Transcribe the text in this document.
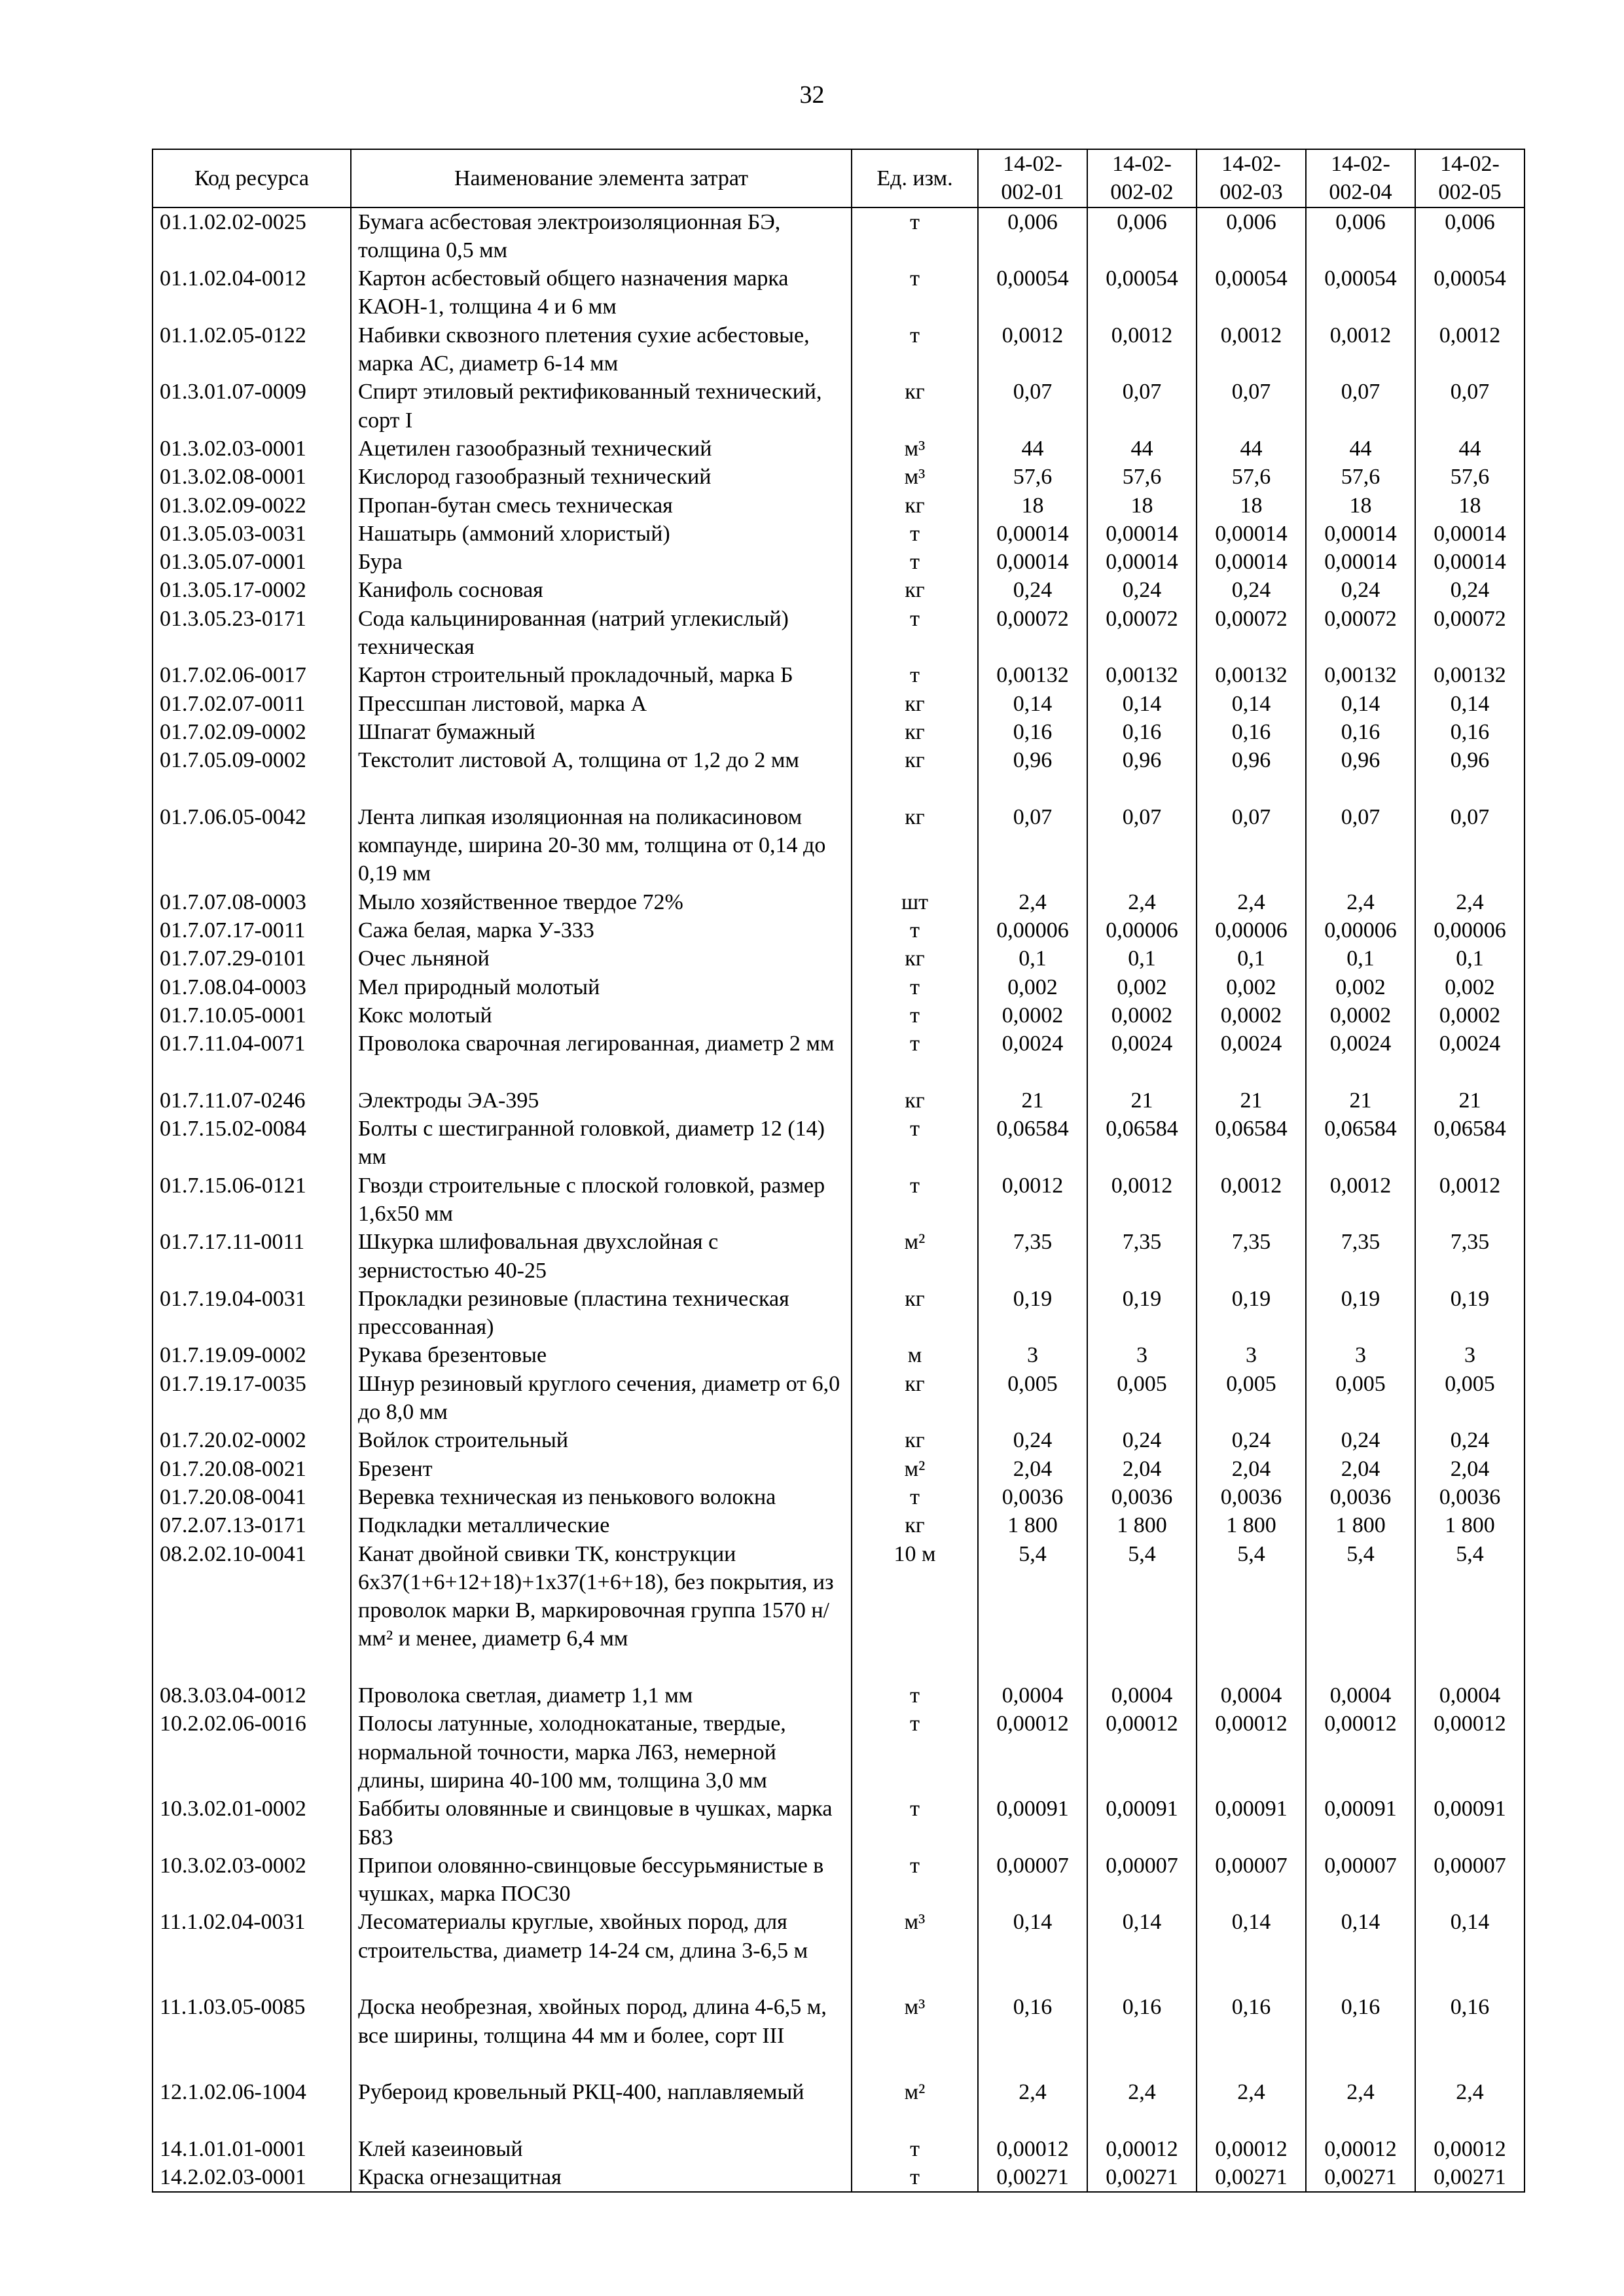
32
Код ресурса	Наименование элемента затрат	Ед. изм.	14-02-002-01	14-02-002-02	14-02-002-03	14-02-002-04	14-02-002-05
01.1.02.02-0025	Бумага асбестовая электроизоляционная БЭ, толщина 0,5 мм	т	0,006	0,006	0,006	0,006	0,006
01.1.02.04-0012	Картон асбестовый общего назначения марка КАОН-1, толщина 4 и 6 мм	т	0,00054	0,00054	0,00054	0,00054	0,00054
01.1.02.05-0122	Набивки сквозного плетения сухие асбестовые, марка АС, диаметр 6-14 мм	т	0,0012	0,0012	0,0012	0,0012	0,0012
01.3.01.07-0009	Спирт этиловый ректификованный технический, сорт I	кг	0,07	0,07	0,07	0,07	0,07
01.3.02.03-0001	Ацетилен газообразный технический	м³	44	44	44	44	44
01.3.02.08-0001	Кислород газообразный технический	м³	57,6	57,6	57,6	57,6	57,6
01.3.02.09-0022	Пропан-бутан смесь техническая	кг	18	18	18	18	18
01.3.05.03-0031	Нашатырь (аммоний хлористый)	т	0,00014	0,00014	0,00014	0,00014	0,00014
01.3.05.07-0001	Бура	т	0,00014	0,00014	0,00014	0,00014	0,00014
01.3.05.17-0002	Канифоль сосновая	кг	0,24	0,24	0,24	0,24	0,24
01.3.05.23-0171	Сода кальцинированная (натрий углекислый) техническая	т	0,00072	0,00072	0,00072	0,00072	0,00072
01.7.02.06-0017	Картон строительный прокладочный, марка Б	т	0,00132	0,00132	0,00132	0,00132	0,00132
01.7.02.07-0011	Прессшпан листовой, марка А	кг	0,14	0,14	0,14	0,14	0,14
01.7.02.09-0002	Шпагат бумажный	кг	0,16	0,16	0,16	0,16	0,16
01.7.05.09-0002	Текстолит листовой А, толщина от 1,2 до 2 мм	кг	0,96	0,96	0,96	0,96	0,96
01.7.06.05-0042	Лента липкая изоляционная на поликасиновом компаунде, ширина 20-30 мм, толщина от 0,14 до 0,19 мм	кг	0,07	0,07	0,07	0,07	0,07
01.7.07.08-0003	Мыло хозяйственное твердое 72%	шт	2,4	2,4	2,4	2,4	2,4
01.7.07.17-0011	Сажа белая, марка У-333	т	0,00006	0,00006	0,00006	0,00006	0,00006
01.7.07.29-0101	Очес льняной	кг	0,1	0,1	0,1	0,1	0,1
01.7.08.04-0003	Мел природный молотый	т	0,002	0,002	0,002	0,002	0,002
01.7.10.05-0001	Кокс молотый	т	0,0002	0,0002	0,0002	0,0002	0,0002
01.7.11.04-0071	Проволока сварочная легированная, диаметр 2 мм	т	0,0024	0,0024	0,0024	0,0024	0,0024
01.7.11.07-0246	Электроды ЭА-395	кг	21	21	21	21	21
01.7.15.02-0084	Болты с шестигранной головкой, диаметр 12 (14) мм	т	0,06584	0,06584	0,06584	0,06584	0,06584
01.7.15.06-0121	Гвозди строительные с плоской головкой, размер 1,6х50 мм	т	0,0012	0,0012	0,0012	0,0012	0,0012
01.7.17.11-0011	Шкурка шлифовальная двухслойная с зернистостью 40-25	м²	7,35	7,35	7,35	7,35	7,35
01.7.19.04-0031	Прокладки резиновые (пластина техническая прессованная)	кг	0,19	0,19	0,19	0,19	0,19
01.7.19.09-0002	Рукава брезентовые	м	3	3	3	3	3
01.7.19.17-0035	Шнур резиновый круглого сечения, диаметр от 6,0 до 8,0 мм	кг	0,005	0,005	0,005	0,005	0,005
01.7.20.02-0002	Войлок строительный	кг	0,24	0,24	0,24	0,24	0,24
01.7.20.08-0021	Брезент	м²	2,04	2,04	2,04	2,04	2,04
01.7.20.08-0041	Веревка техническая из пенькового волокна	т	0,0036	0,0036	0,0036	0,0036	0,0036
07.2.07.13-0171	Подкладки металлические	кг	1 800	1 800	1 800	1 800	1 800
08.2.02.10-0041	Канат двойной свивки ТК, конструкции 6х37(1+6+12+18)+1х37(1+6+18), без покрытия, из проволок марки В, маркировочная группа 1570 н/мм² и менее, диаметр 6,4 мм	10 м	5,4	5,4	5,4	5,4	5,4
08.3.03.04-0012	Проволока светлая, диаметр 1,1 мм	т	0,0004	0,0004	0,0004	0,0004	0,0004
10.2.02.06-0016	Полосы латунные, холоднокатаные, твердые, нормальной точности, марка Л63, немерной длины, ширина 40-100 мм, толщина 3,0 мм	т	0,00012	0,00012	0,00012	0,00012	0,00012
10.3.02.01-0002	Баббиты оловянные и свинцовые в чушках, марка Б83	т	0,00091	0,00091	0,00091	0,00091	0,00091
10.3.02.03-0002	Припои оловянно-свинцовые бессурьмянистые в чушках, марка ПОС30	т	0,00007	0,00007	0,00007	0,00007	0,00007
11.1.02.04-0031	Лесоматериалы круглые, хвойных пород, для строительства, диаметр 14-24 см, длина 3-6,5 м	м³	0,14	0,14	0,14	0,14	0,14
11.1.03.05-0085	Доска необрезная, хвойных пород, длина 4-6,5 м, все ширины, толщина 44 мм и более, сорт III	м³	0,16	0,16	0,16	0,16	0,16
12.1.02.06-1004	Рубероид кровельный РКЦ-400, наплавляемый	м²	2,4	2,4	2,4	2,4	2,4
14.1.01.01-0001	Клей казеиновый	т	0,00012	0,00012	0,00012	0,00012	0,00012
14.2.02.03-0001	Краска огнезащитная	т	0,00271	0,00271	0,00271	0,00271	0,00271
